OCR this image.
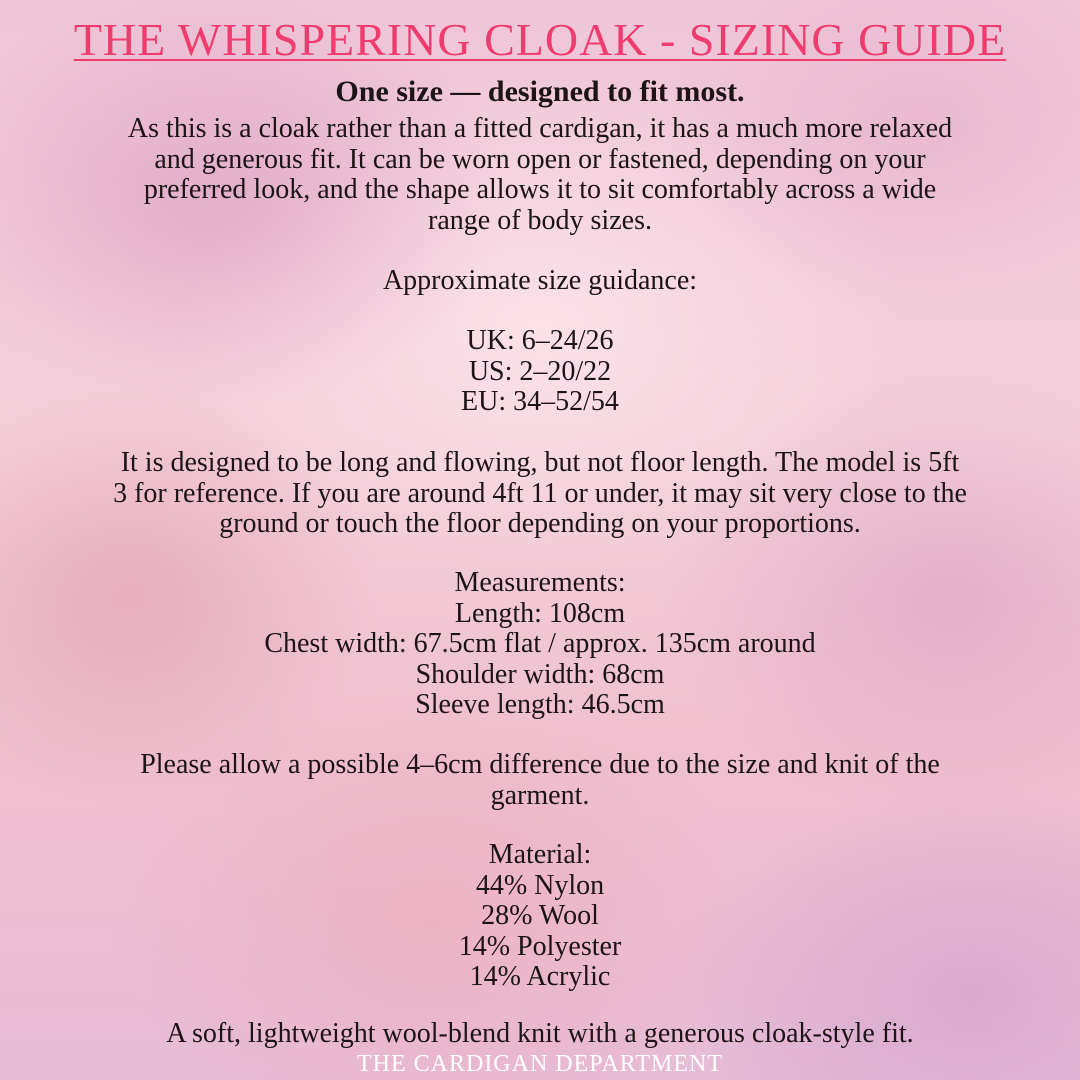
THE WHISPERING CLOAK - SIZING GUIDE
One size — designed to fit most.
As this is a cloak rather than a fitted cardigan, it has a much more relaxed
and generous fit. It can be worn open or fastened, depending on your
preferred look, and the shape allows it to sit comfortably across a wide
range of body sizes.
Approximate size guidance:
UK: 6–24/26
US: 2–20/22
EU: 34–52/54
It is designed to be long and flowing, but not floor length. The model is 5ft
3 for reference. If you are around 4ft 11 or under, it may sit very close to the
ground or touch the floor depending on your proportions.
Measurements:
Length: 108cm
Chest width: 67.5cm flat / approx. 135cm around
Shoulder width: 68cm
Sleeve length: 46.5cm
Please allow a possible 4–6cm difference due to the size and knit of the
garment.
Material:
44% Nylon
28% Wool
14% Polyester
14% Acrylic
A soft, lightweight wool-blend knit with a generous cloak-style fit.
THE CARDIGAN DEPARTMENT
